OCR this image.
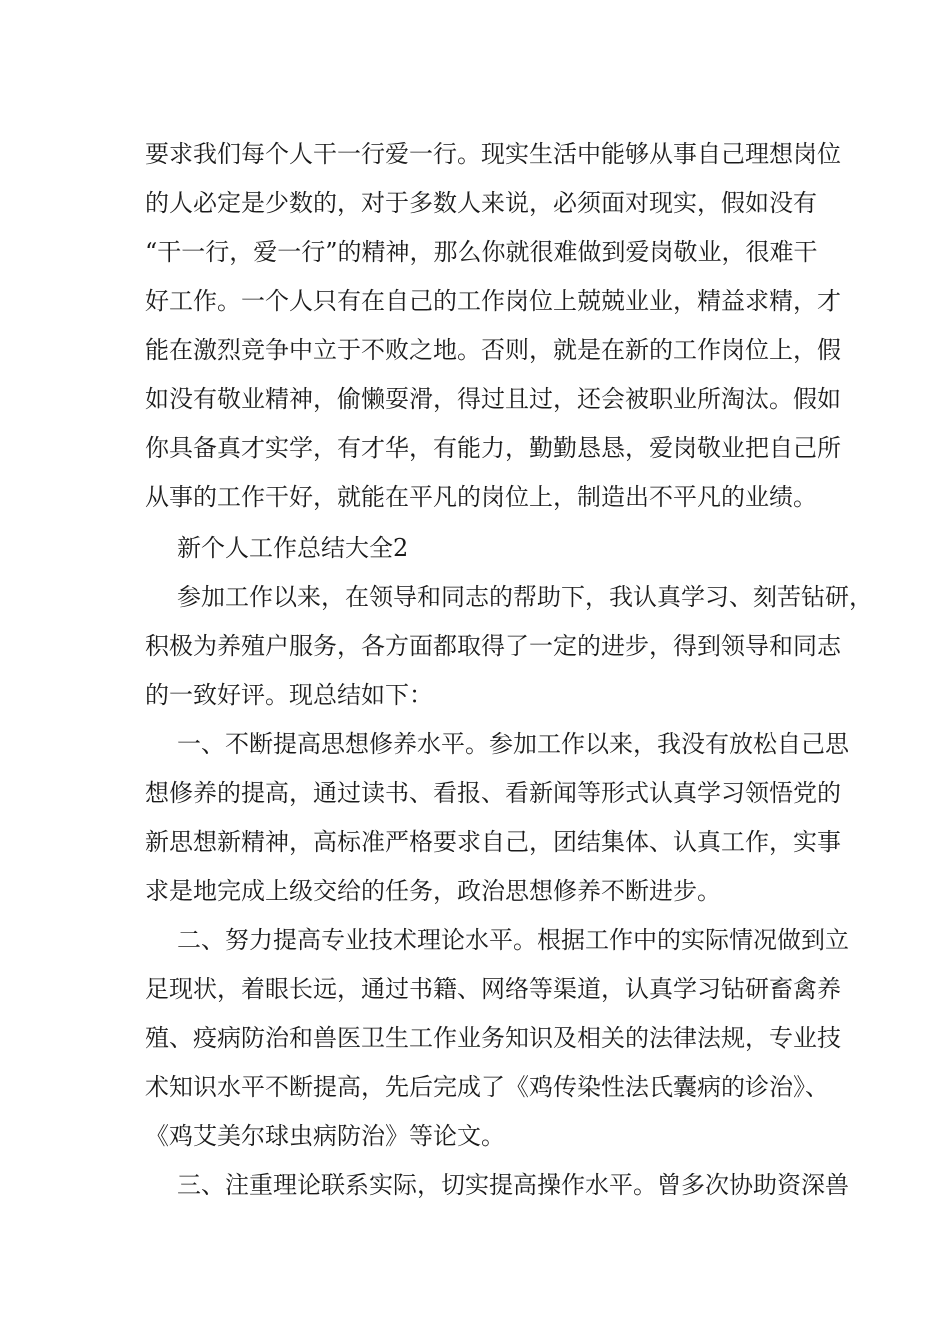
要求我们每个人干一行爱一行。现实生活中能够从事自己理想岗位

的人必定是少数的，对于多数人来说，必须面对现实，假如没有

“干一行，爱一行”的精神，那么你就很难做到爱岗敬业，很难干

好工作。一个人只有在自己的工作岗位上兢兢业业，精益求精，才

能在激烈竞争中立于不败之地。否则，就是在新的工作岗位上，假

如没有敬业精神，偷懒耍滑，得过且过，还会被职业所淘汰。假如

你具备真才实学，有才华，有能力，勤勤恳恳，爱岗敬业把自己所

从事的工作干好，就能在平凡的岗位上，制造出不平凡的业绩。

新个人工作总结大全2

参加工作以来，在领导和同志的帮助下，我认真学习、刻苦钻研，

积极为养殖户服务，各方面都取得了一定的进步，得到领导和同志

的一致好评。现总结如下：

一、不断提高思想修养水平。参加工作以来，我没有放松自己思

想修养的提高，通过读书、看报、看新闻等形式认真学习领悟党的

新思想新精神，高标准严格要求自己，团结集体、认真工作，实事

求是地完成上级交给的任务，政治思想修养不断进步。

二、努力提高专业技术理论水平。根据工作中的实际情况做到立

足现状，着眼长远，通过书籍、网络等渠道，认真学习钻研畜禽养

殖、疫病防治和兽医卫生工作业务知识及相关的法律法规，专业技

术知识水平不断提高，先后完成了《鸡传染性法氏囊病的诊治》、

《鸡艾美尔球虫病防治》等论文。

三、注重理论联系实际，切实提高操作水平。曾多次协助资深兽
